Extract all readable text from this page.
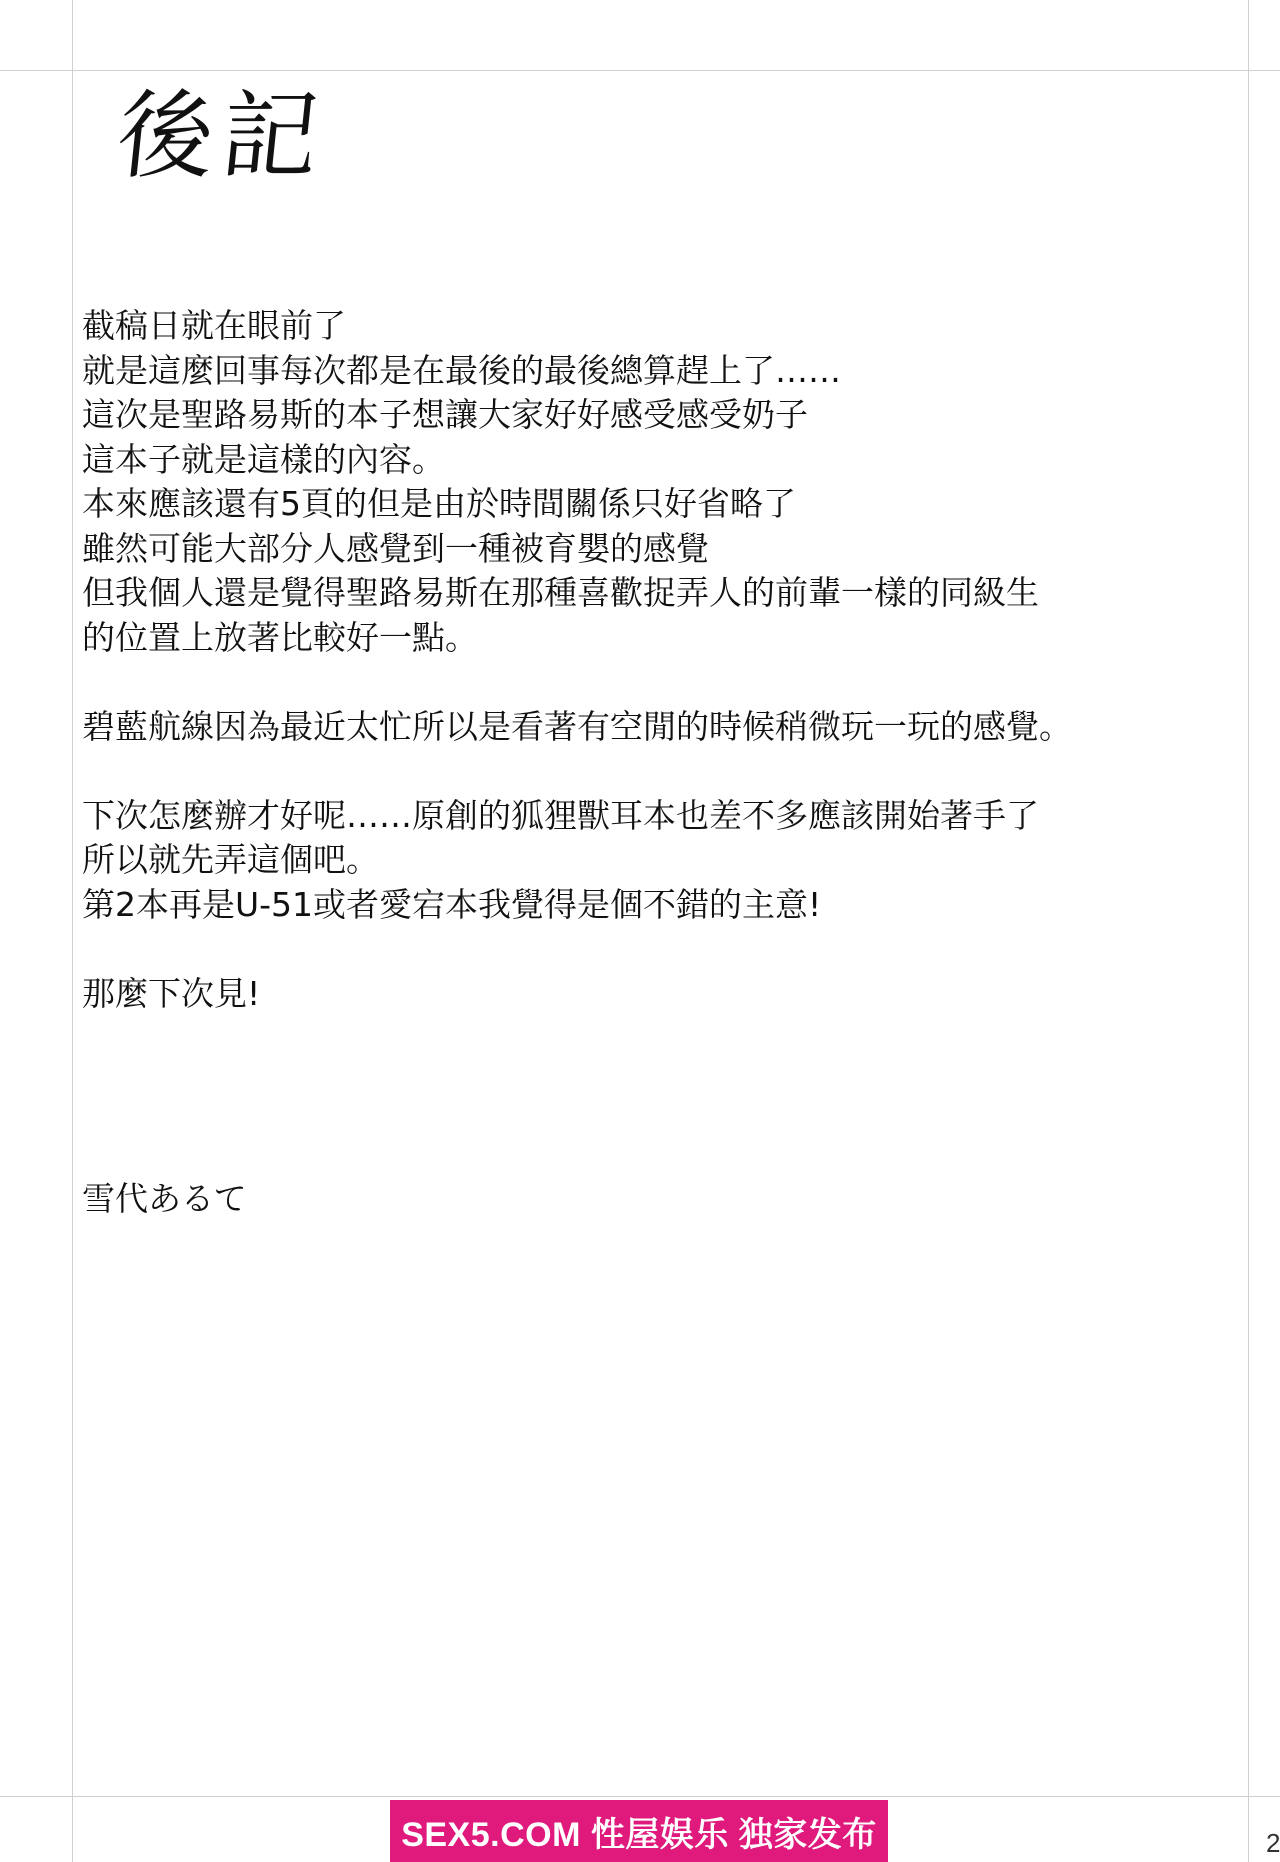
後記
截稿日就在眼前了
就是這麼回事每次都是在最後的最後總算趕上了……
這次是聖路易斯的本子想讓大家好好感受感受奶子
這本子就是這樣的內容。
本來應該還有5頁的但是由於時間關係只好省略了
雖然可能大部分人感覺到一種被育嬰的感覺
但我個人還是覺得聖路易斯在那種喜歡捉弄人的前輩一樣的同級生
的位置上放著比較好一點。
碧藍航線因為最近太忙所以是看著有空閒的時候稍微玩一玩的感覺。
下次怎麼辦才好呢……原創的狐狸獸耳本也差不多應該開始著手了
所以就先弄這個吧。
第2本再是U-51或者愛宕本我覺得是個不錯的主意!
那麼下次見!
雪代あるて
SEX5.COM 性屋娱乐 独家发布	2
